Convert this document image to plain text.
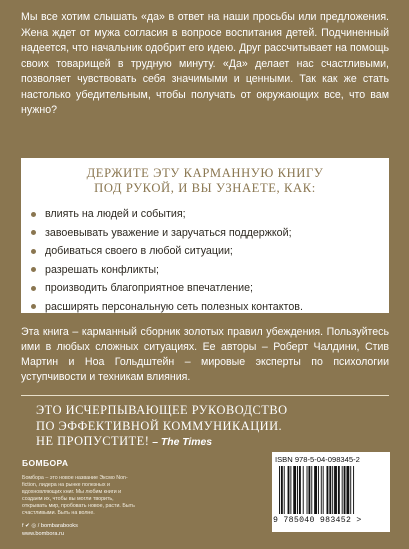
Мы все хотим слышать «да» в ответ на наши просьбы или предложения. Жена ждет от мужа согласия в вопросе воспитания детей. Подчиненный надеется, что начальник одобрит его идею. Друг рассчитывает на помощь своих товарищей в трудную минуту. «Да» делает нас счастливыми, позволяет чувствовать себя значимыми и ценными. Так как же стать настолько убедительным, чтобы получать от окружающих все, что вам нужно?

ДЕРЖИТЕ ЭТУ КАРМАННУЮ КНИГУ
ПОД РУКОЙ, И ВЫ УЗНАЕТЕ, КАК:
влиять на людей и события;
завоевывать уважение и заручаться поддержкой;
добиваться своего в любой ситуации;
разрешать конфликты;
производить благоприятное впечатление;
расширять персональную сеть полезных контактов.
Эта книга – карманный сборник золотых правил убеждения. Пользуйтесь ими в любых сложных ситуациях. Ее авторы – Роберт Чалдини, Стив Мартин и Ноа Гольдштейн – мировые эксперты по психологии уступчивости и техникам влияния.
ЭТО ИСЧЕРПЫВАЮЩЕЕ РУКОВОДСТВО
ПО ЭФФЕКТИВНОЙ КОММУНИКАЦИИ.
НЕ ПРОПУСТИТЕ! – The Times
БОМБОРА
Бомбора – это новое название Эксмо Non-fiction, лидера на рынке полезных и вдохновляющих книг. Мы любим книги и создаем их, чтобы вы могли творить, открывать мир, пробовать новое, расти. Быть счастливыми. Быть на волне.
f ✔ ◎ / bombarabooks
www.bombora.ru
ISBN 978-5-04-098345-2
9 785040 983452 >
